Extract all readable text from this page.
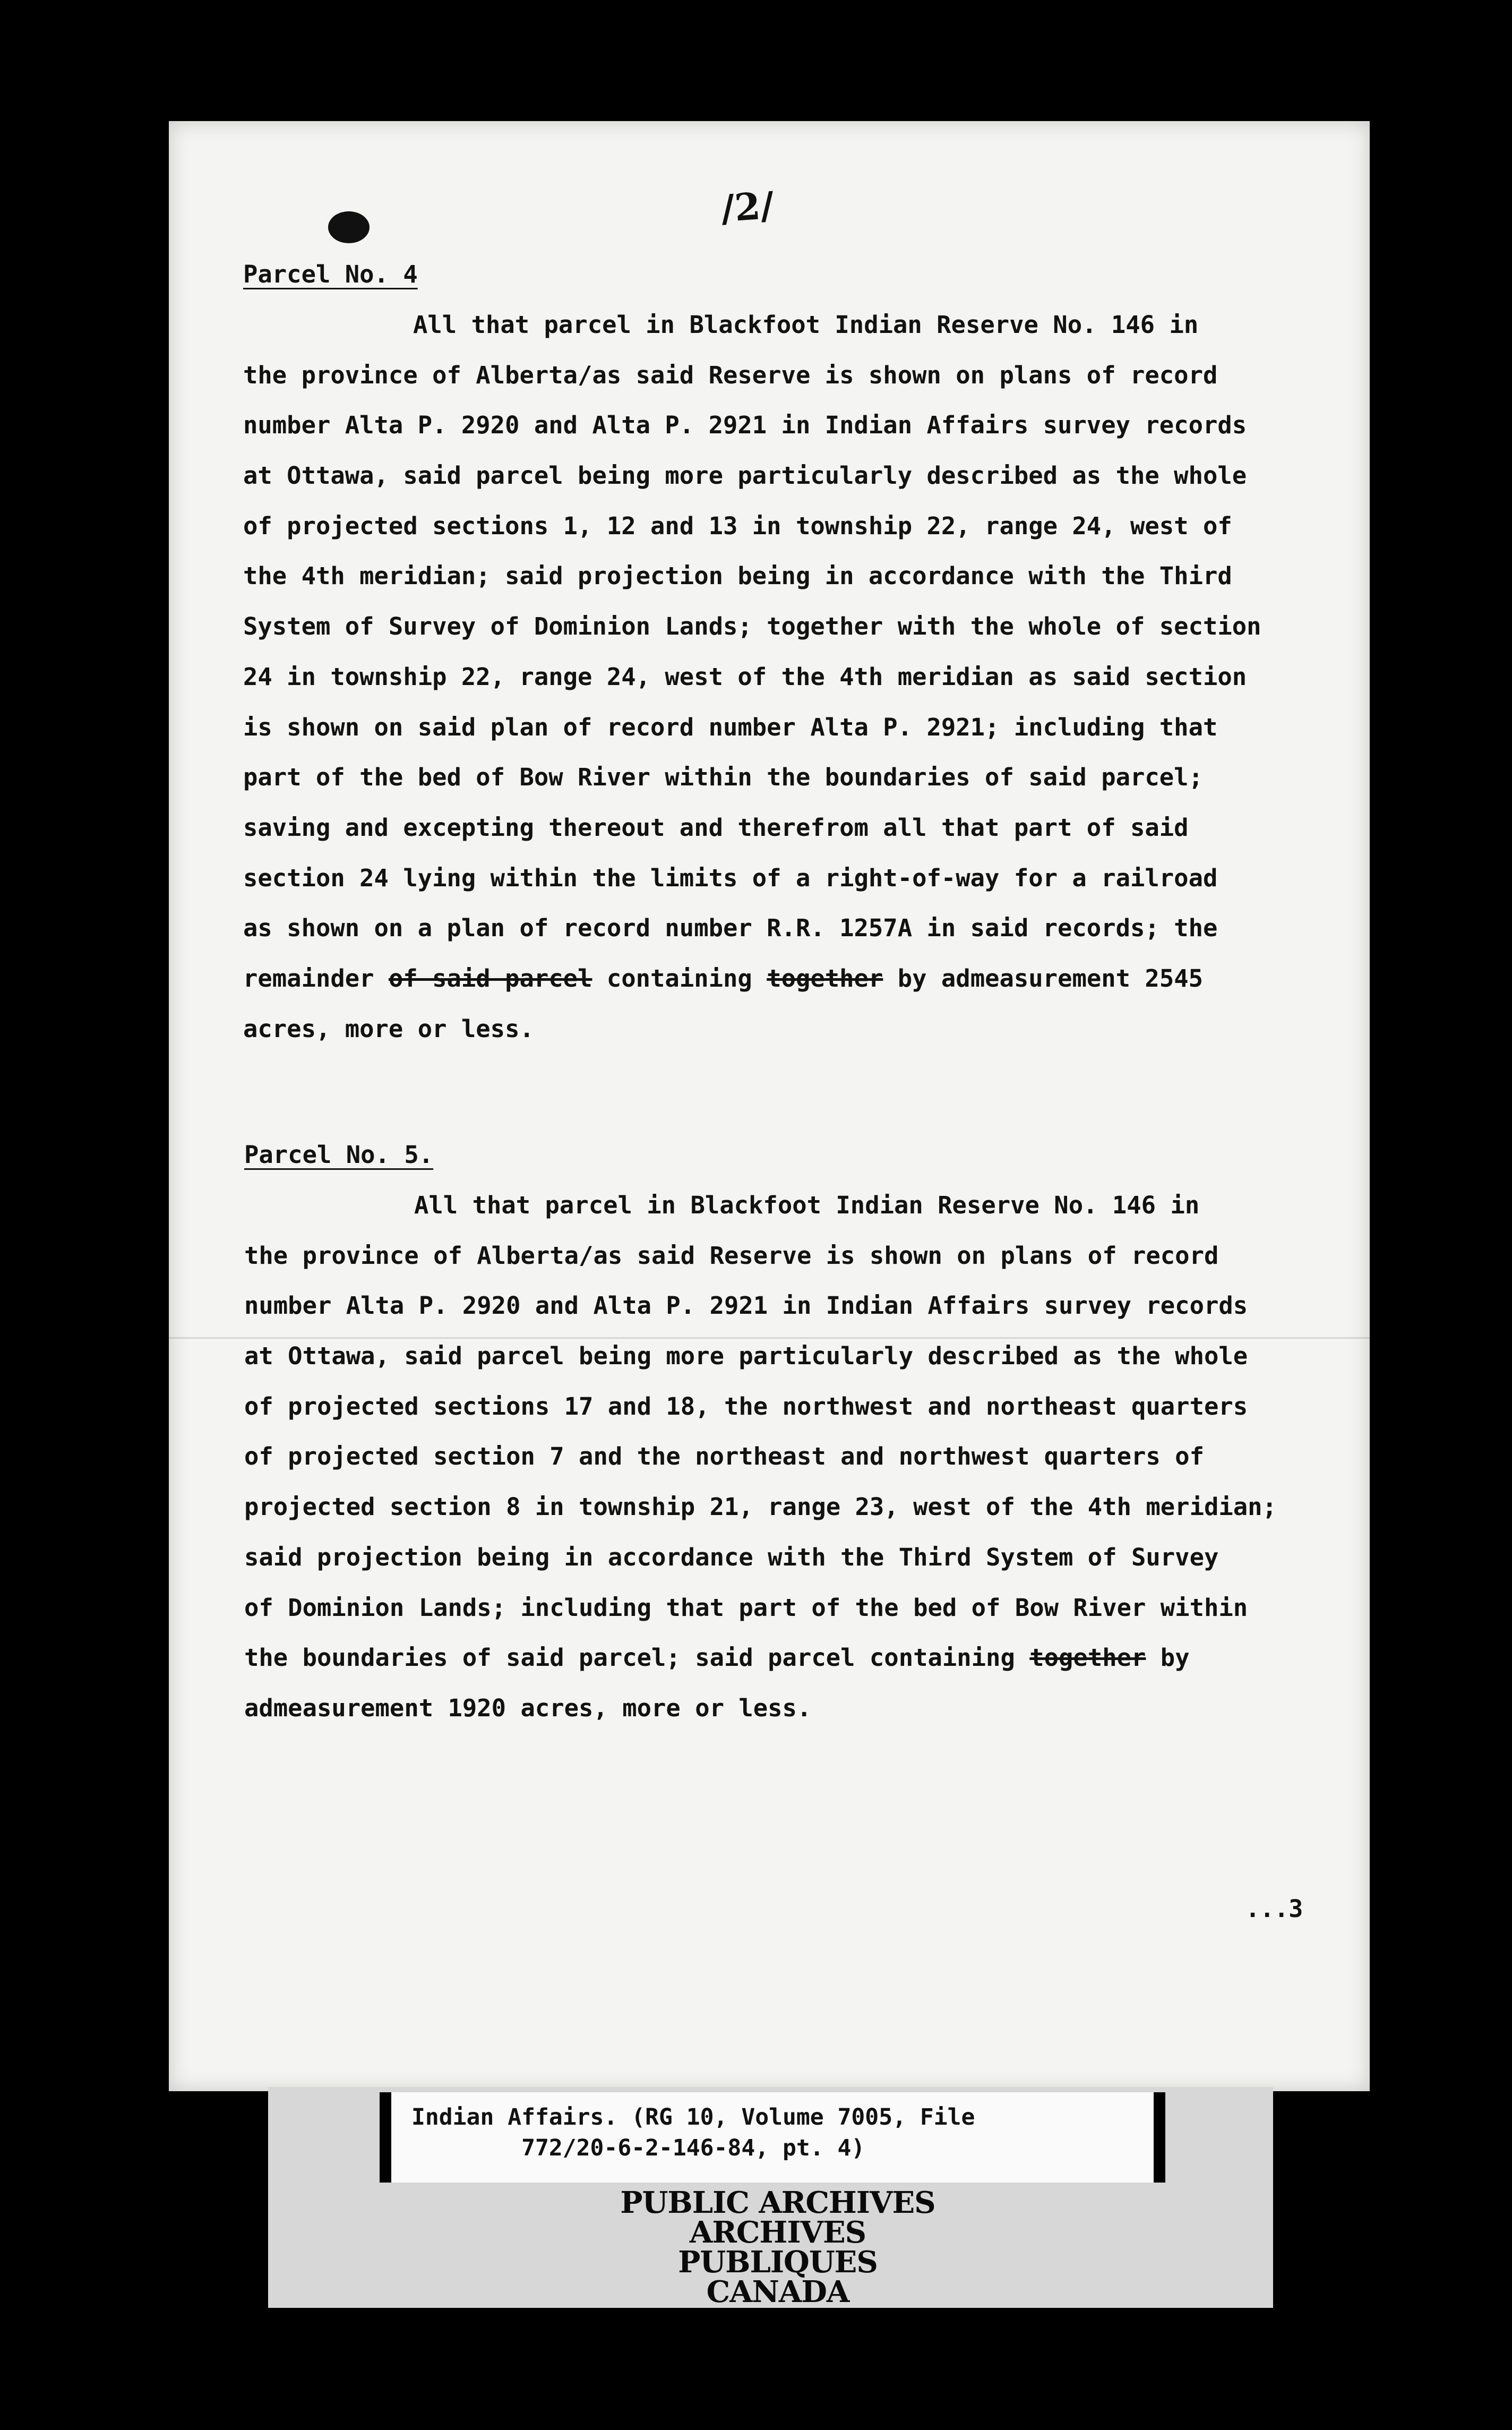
/2/
Parcel No. 4
All that parcel in Blackfoot Indian Reserve No. 146 in
the province of Alberta/as said Reserve is shown on plans of record
number Alta P. 2920 and Alta P. 2921 in Indian Affairs survey records
at Ottawa, said parcel being more particularly described as the whole
of projected sections 1, 12 and 13 in township 22, range 24, west of
the 4th meridian; said projection being in accordance with the Third
System of Survey of Dominion Lands; together with the whole of section
24 in township 22, range 24, west of the 4th meridian as said section
is shown on said plan of record number Alta P. 2921; including that
part of the bed of Bow River within the boundaries of said parcel;
saving and excepting thereout and therefrom all that part of said
section 24 lying within the limits of a right-of-way for a railroad
as shown on a plan of record number R.R. 1257A in said records; the
remainder of said parcel containing together by admeasurement 2545
acres, more or less.
Parcel No. 5.
All that parcel in Blackfoot Indian Reserve No. 146 in
the province of Alberta/as said Reserve is shown on plans of record
number Alta P. 2920 and Alta P. 2921 in Indian Affairs survey records
at Ottawa, said parcel being more particularly described as the whole
of projected sections 17 and 18, the northwest and northeast quarters
of projected section 7 and the northeast and northwest quarters of
projected section 8 in township 21, range 23, west of the 4th meridian;
said projection being in accordance with the Third System of Survey
of Dominion Lands; including that part of the bed of Bow River within
the boundaries of said parcel; said parcel containing together by
admeasurement 1920 acres, more or less.
...3
Indian Affairs. (RG 10, Volume 7005, File
772/20-6-2-146-84, pt. 4)
PUBLIC ARCHIVES
ARCHIVES PUBLIQUES
CANADA
